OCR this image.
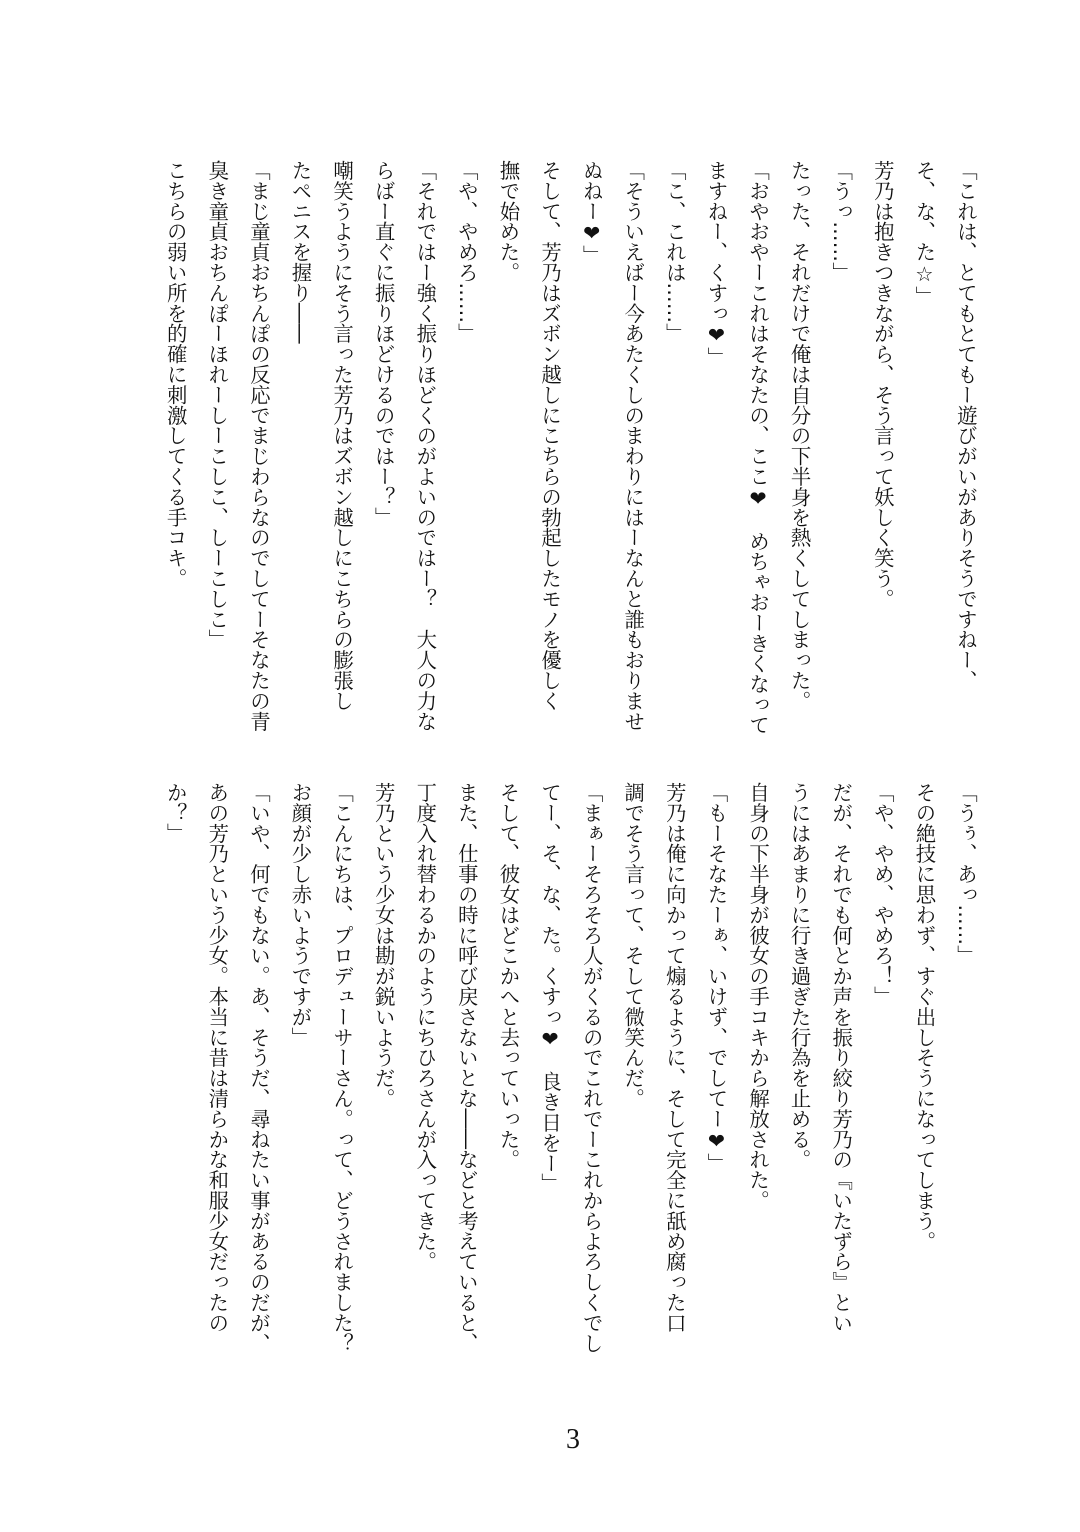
「これは、とてもとてもー遊びがいがありそうですねー、
そ、な、た☆」
芳乃は抱きつきながら、そう言って妖しく笑う。
「うっ……」
たった、それだけで俺は自分の下半身を熱くしてしまった。
「おやおやーこれはそなたの、ここ❤　めちゃおーきくなって
ますねー、くすっ❤」
「こ、これは……」
「そういえばー今あたくしのまわりにはーなんと誰もおりませ
ぬねー❤」
そして、芳乃はズボン越しにこちらの勃起したモノを優しく
撫で始めた。
「や、やめろ……」
「それではー強く振りほどくのがよいのではー？　大人の力な
らばー直ぐに振りほどけるのではー？」
嘲笑うようにそう言った芳乃はズボン越しにこちらの膨張し
たペニスを握り――
「まじ童貞おちんぽの反応でまじわらなのでしてーそなたの青
臭き童貞おちんぽーほれーしーこしこ、しーこしこ」
こちらの弱い所を的確に刺激してくる手コキ。
「うぅ、あっ……」
その絶技に思わず、すぐ出しそうになってしまう。
「や、やめ、やめろ！」
だが、それでも何とか声を振り絞り芳乃の『いたずら』とい
うにはあまりに行き過ぎた行為を止める。
自身の下半身が彼女の手コキから解放された。
「もーそなたーぁ、いけず、でしてー❤」
芳乃は俺に向かって煽るように、そして完全に舐め腐った口
調でそう言って、そして微笑んだ。
「まぁーそろそろ人がくるのでこれでーこれからよろしくでし
てー、そ、な、た。くすっ❤　良き日をー」
そして、彼女はどこかへと去っていった。
また、仕事の時に呼び戻さないとな――などと考えていると、
丁度入れ替わるかのようにちひろさんが入ってきた。
芳乃という少女は勘が鋭いようだ。
「こんにちは、プロデューサーさん。って、どうされました？
お顔が少し赤いようですが」
「いや、何でもない。あ、そうだ、尋ねたい事があるのだが、
あの芳乃という少女。本当に昔は清らかな和服少女だったの
か？」
3
